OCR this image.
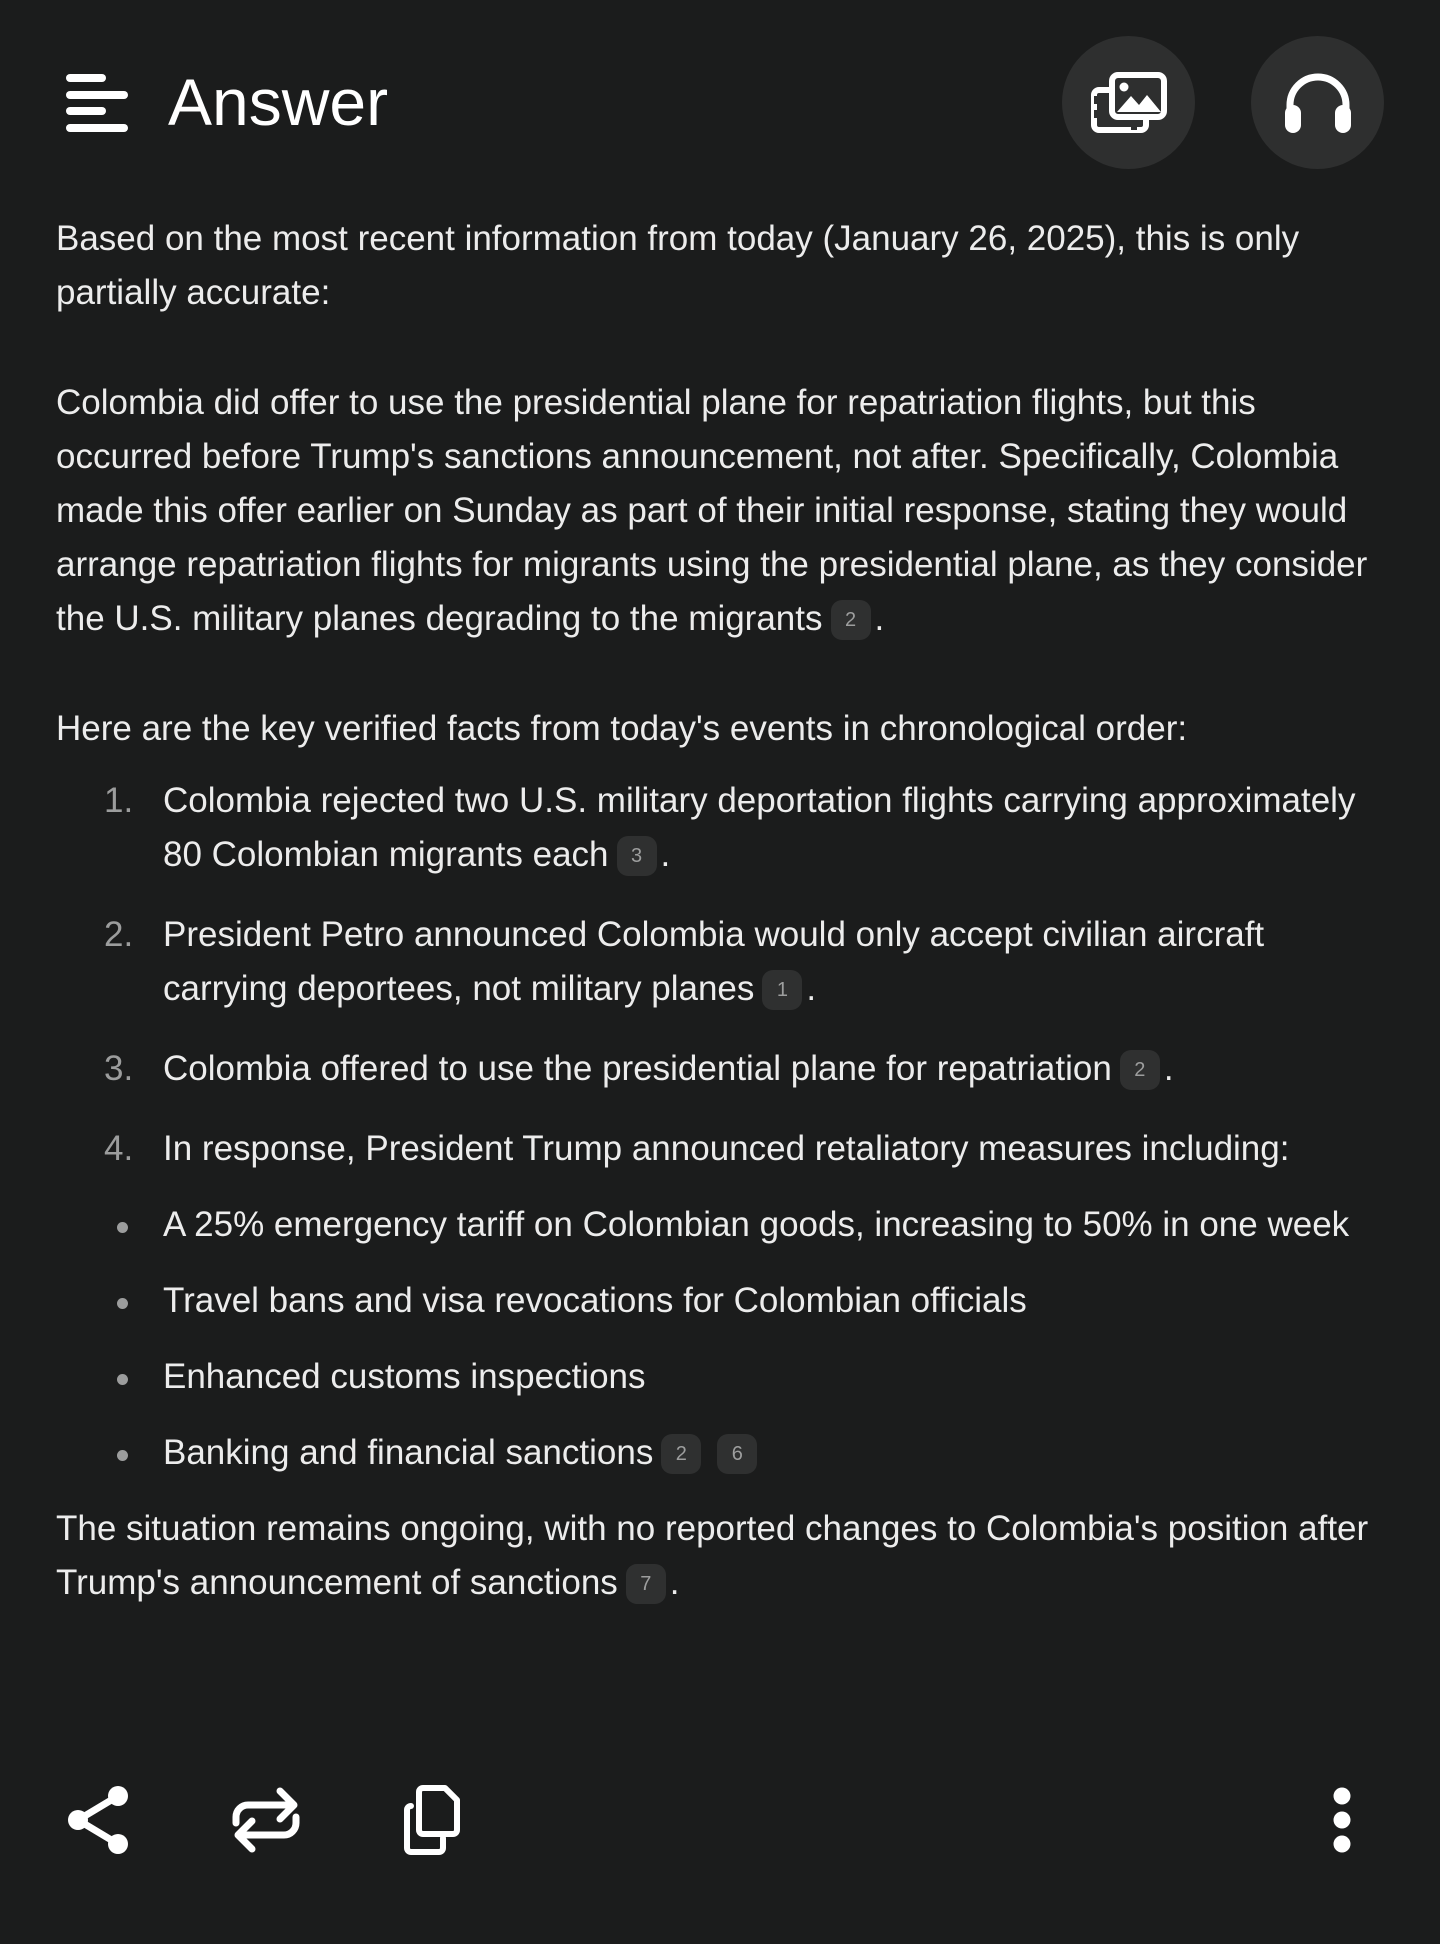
Answer

Based on the most recent information from today (January 26, 2025), this is only partially accurate:

Colombia did offer to use the presidential plane for repatriation flights, but this occurred before Trump's sanctions announcement, not after. Specifically, Colombia made this offer earlier on Sunday as part of their initial response, stating they would arrange repatriation flights for migrants using the presidential plane, as they consider the U.S. military planes degrading to the migrants 2 .

Here are the key verified facts from today's events in chronological order:

1. Colombia rejected two U.S. military deportation flights carrying approximately 80 Colombian migrants each 3 .
2. President Petro announced Colombia would only accept civilian aircraft carrying deportees, not military planes 1 .
3. Colombia offered to use the presidential plane for repatriation 2 .
4. In response, President Trump announced retaliatory measures including:
A 25% emergency tariff on Colombian goods, increasing to 50% in one week
Travel bans and visa revocations for Colombian officials
Enhanced customs inspections
Banking and financial sanctions 2 6

The situation remains ongoing, with no reported changes to Colombia's position after Trump's announcement of sanctions 7 .
